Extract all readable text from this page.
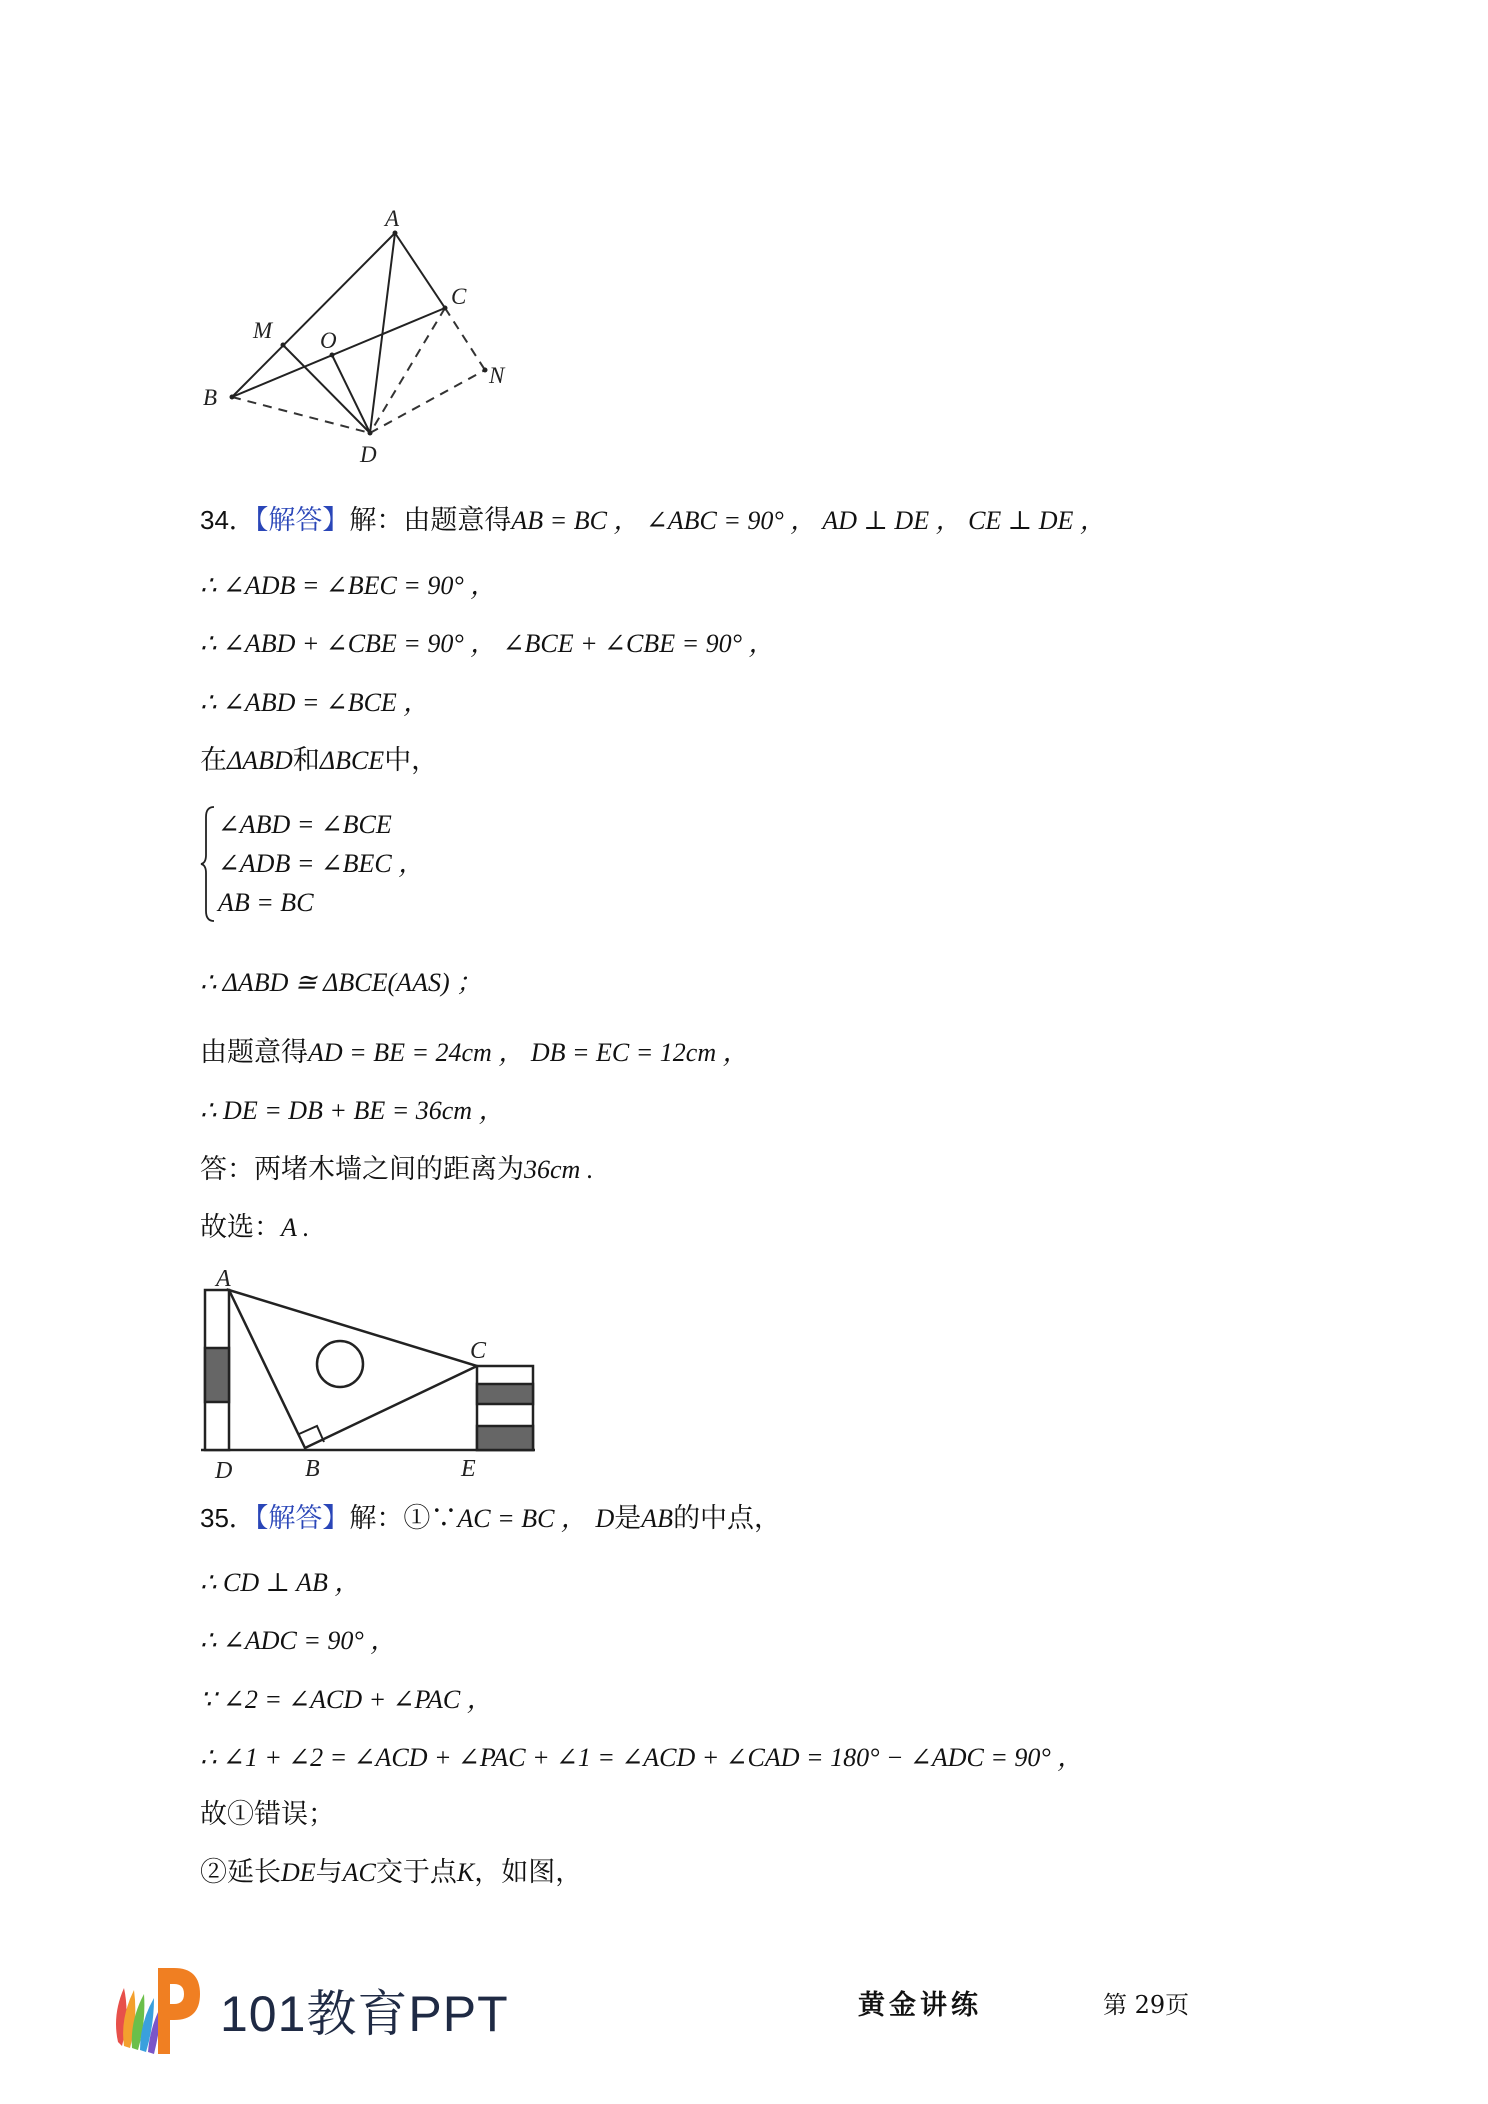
A
M O
C
B
N
D
34．【解答】解：由题意得AB = BC ， ∠ABC = 90° ， AD ⊥ DE ， CE ⊥ DE ，
∴ ∠ADB = ∠BEC = 90° ，
∴ ∠ABD + ∠CBE = 90° ， ∠BCE + ∠CBE = 90° ，
∴ ∠ABD = ∠BCE ，
在ΔABD和ΔBCE中，
∠ABD = ∠BCE
∠ADB = ∠BEC ，
AB = BC
∴ ΔABD ≅ ΔBCE(AAS) ；
由题意得AD = BE = 24cm ， DB = EC = 12cm ，
∴ DE = DB + BE = 36cm ，
答：两堵木墙之间的距离为36cm .
故选：A .
A
C
D	B	E
35．【解答】解：①∵AC = BC ， D是AB的中点，
∴ CD ⊥ AB ，
∴ ∠ADC = 90° ，
∵ ∠2 = ∠ACD + ∠PAC ，
∴ ∠1 + ∠2 = ∠ACD + ∠PAC + ∠1 = ∠ACD + ∠CAD = 180° − ∠ADC = 90° ，
故①错误；
②延长DE与AC交于点K，如图，
101教育PPT	黄金讲练	第 29页
